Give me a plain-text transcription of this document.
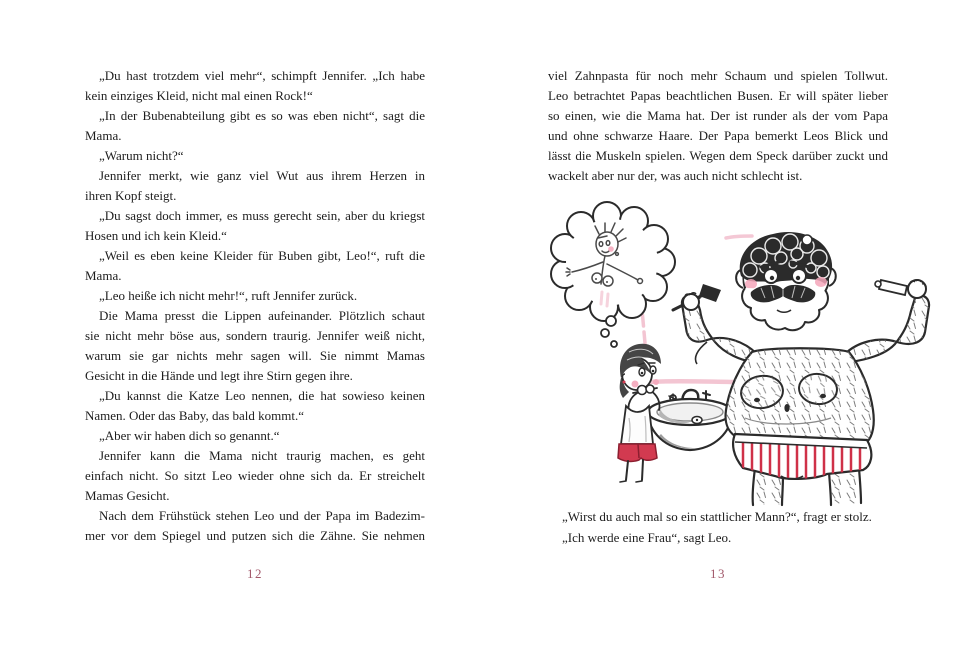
„Du hast trotzdem viel mehr“, schimpft Jennifer. „Ich habe
kein einziges Kleid, nicht mal einen Rock!“
„In der Bubenabteilung gibt es so was eben nicht“, sagt die
Mama.
„Warum nicht?“
Jennifer merkt, wie ganz viel Wut aus ihrem Herzen in
ihren Kopf steigt.
„Du sagst doch immer, es muss gerecht sein, aber du kriegst
Hosen und ich kein Kleid.“
„Weil es eben keine Kleider für Buben gibt, Leo!“, ruft die
Mama.
„Leo heiße ich nicht mehr!“, ruft Jennifer zurück.
Die Mama presst die Lippen aufeinander. Plötzlich schaut
sie nicht mehr böse aus, sondern traurig. Jennifer weiß nicht,
warum sie gar nichts mehr sagen will. Sie nimmt Mamas
Gesicht in die Hände und legt ihre Stirn gegen ihre.
„Du kannst die Katze Leo nennen, die hat sowieso keinen
Namen. Oder das Baby, das bald kommt.“
„Aber wir haben dich so genannt.“
Jennifer kann die Mama nicht traurig machen, es geht
einfach nicht. So sitzt Leo wieder ohne sich da. Er streichelt
Mamas Gesicht.
Nach dem Frühstück stehen Leo und der Papa im Badezim-
mer vor dem Spiegel und putzen sich die Zähne. Sie nehmen
12
viel Zahnpasta für noch mehr Schaum und spielen Tollwut.
Leo betrachtet Papas beachtlichen Busen. Er will später lieber
so einen, wie die Mama hat. Der ist runder als der vom Papa
und ohne schwarze Haare. Der Papa bemerkt Leos Blick und
lässt die Muskeln spielen. Wegen dem Speck darüber zuckt und
wackelt aber nur der, was auch nicht schlecht ist.
„Wirst du auch mal so ein stattlicher Mann?“, fragt er stolz.
„Ich werde eine Frau“, sagt Leo.
13
